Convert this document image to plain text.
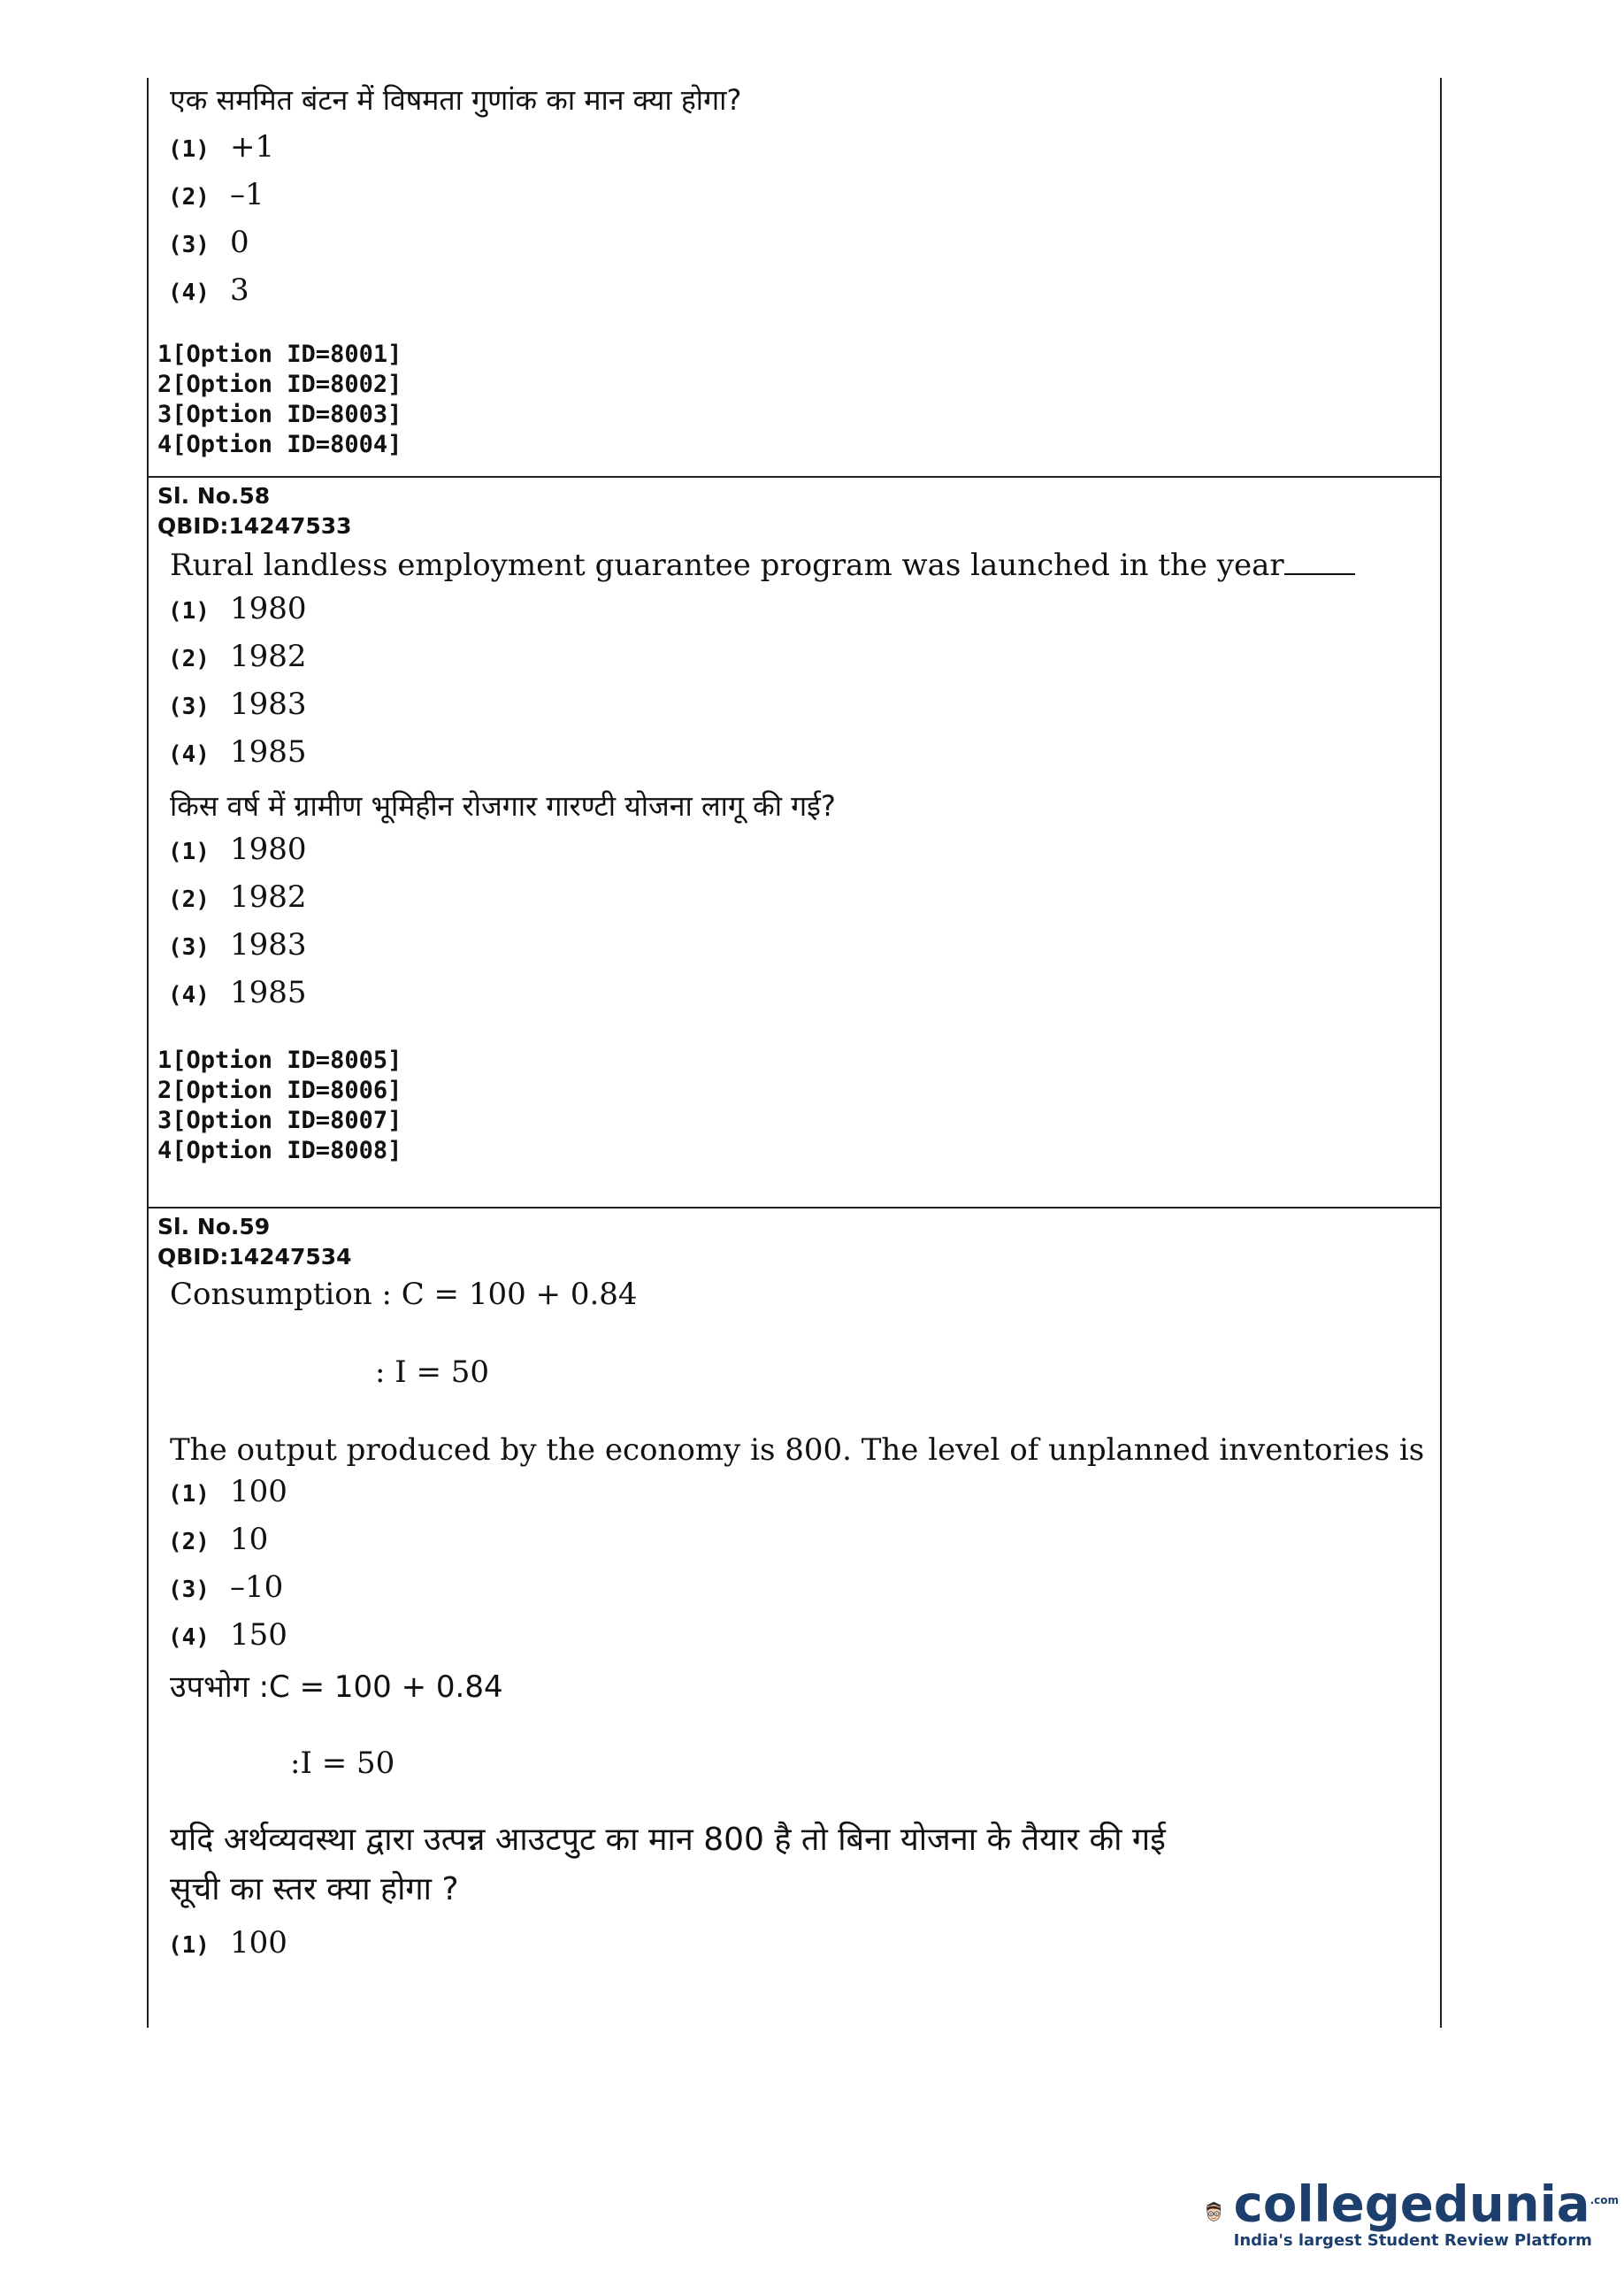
एक सममित बंटन में विषमता गुणांक का मान क्या होगा?
(1) +1
(2) –1
(3) 0
(4) 3
1[Option ID=8001]
2[Option ID=8002]
3[Option ID=8003]
4[Option ID=8004]
Sl. No.58
QBID:14247533
Rural landless employment guarantee program was launched in the year
(1) 1980
(2) 1982
(3) 1983
(4) 1985
किस वर्ष में ग्रामीण भूमिहीन रोजगार गारण्टी योजना लागू की गई?
(1) 1980
(2) 1982
(3) 1983
(4) 1985
1[Option ID=8005]
2[Option ID=8006]
3[Option ID=8007]
4[Option ID=8008]
Sl. No.59
QBID:14247534
Consumption : C = 100 + 0.84
: I = 50
The output produced by the economy is 800. The level of unplanned inventories is
(1) 100
(2) 10
(3) –10
(4) 150
उपभोग :C = 100 + 0.84
:I = 50
यदि अर्थव्यवस्था द्वारा उत्पन्न आउटपुट का मान 800 है तो बिना योजना के तैयार की गई
सूची का स्तर क्या होगा ?
(1) 100
collegedunia$^{.com}$
India's largest Student Review Platform
